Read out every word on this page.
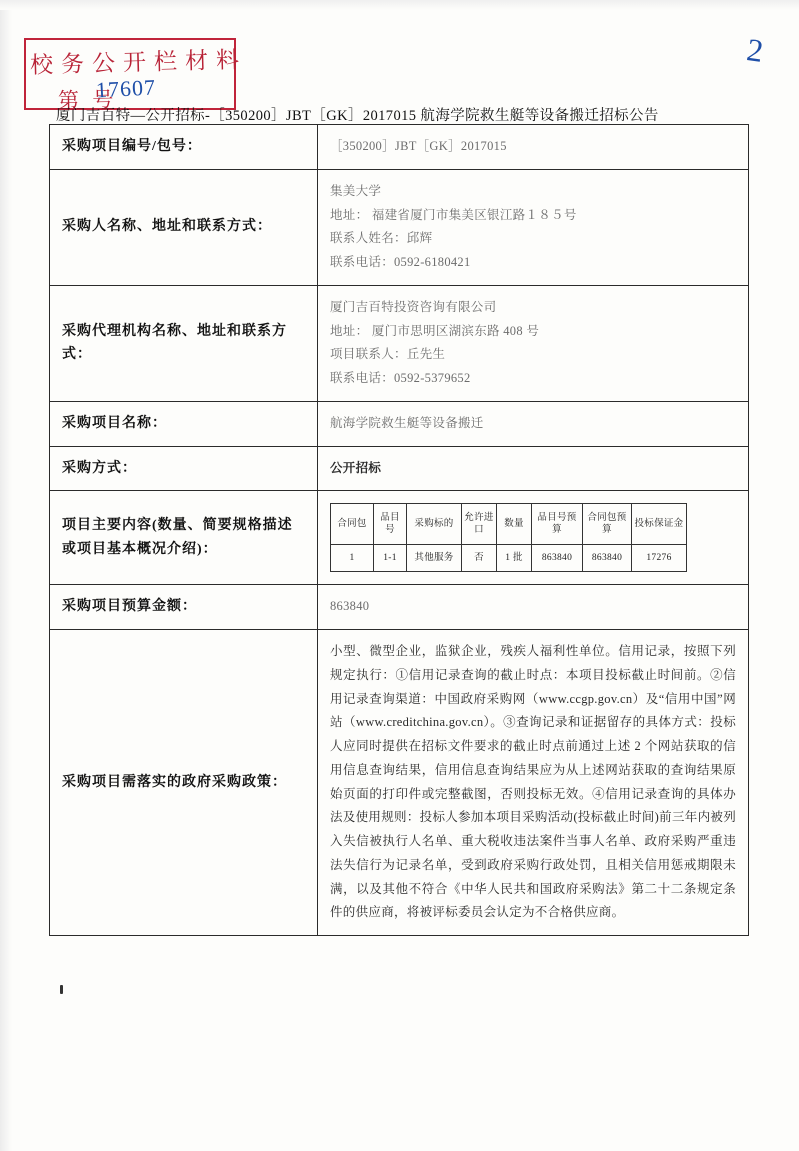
校务公开栏材料
第 号
17607
2
厦门吉百特—公开招标-［350200］JBT［GK］2017015 航海学院救生艇等设备搬迁招标公告
采购项目编号/包号：	［350200］JBT［GK］2017015
采购人名称、地址和联系方式：	
集美大学
地址： 福建省厦门市集美区银江路１８５号
联系人姓名：邱辉
联系电话：0592-6180421

采购代理机构名称、地址和联系方式：	
厦门吉百特投资咨询有限公司
地址： 厦门市思明区湖滨东路 408 号
项目联系人：丘先生
联系电话：0592-5379652

采购项目名称：	航海学院救生艇等设备搬迁
采购方式：	公开招标
项目主要内容(数量、简要规格描述或项目基本概况介绍)：	
合同包	品目号	采购标的	允许进口	数量	品目号预算	合同包预算	投标保证金
1	1-1	其他服务	否	1 批	863840	863840	17276

采购项目预算金额：	863840
采购项目需落实的政府采购政策：	小型、微型企业，监狱企业，残疾人福利性单位。信用记录，按照下列规定执行：①信用记录查询的截止时点：本项目投标截止时间前。②信用记录查询渠道：中国政府采购网（www.ccgp.gov.cn）及“信用中国”网站（www.creditchina.gov.cn）。③查询记录和证据留存的具体方式：投标人应同时提供在招标文件要求的截止时点前通过上述 2 个网站获取的信用信息查询结果，信用信息查询结果应为从上述网站获取的查询结果原始页面的打印件或完整截图，否则投标无效。④信用记录查询的具体办法及使用规则：投标人参加本项目采购活动(投标截止时间)前三年内被列入失信被执行人名单、重大税收违法案件当事人名单、政府采购严重违法失信行为记录名单，受到政府采购行政处罚，且相关信用惩戒期限未满，以及其他不符合《中华人民共和国政府采购法》第二十二条规定条件的供应商，将被评标委员会认定为不合格供应商。
